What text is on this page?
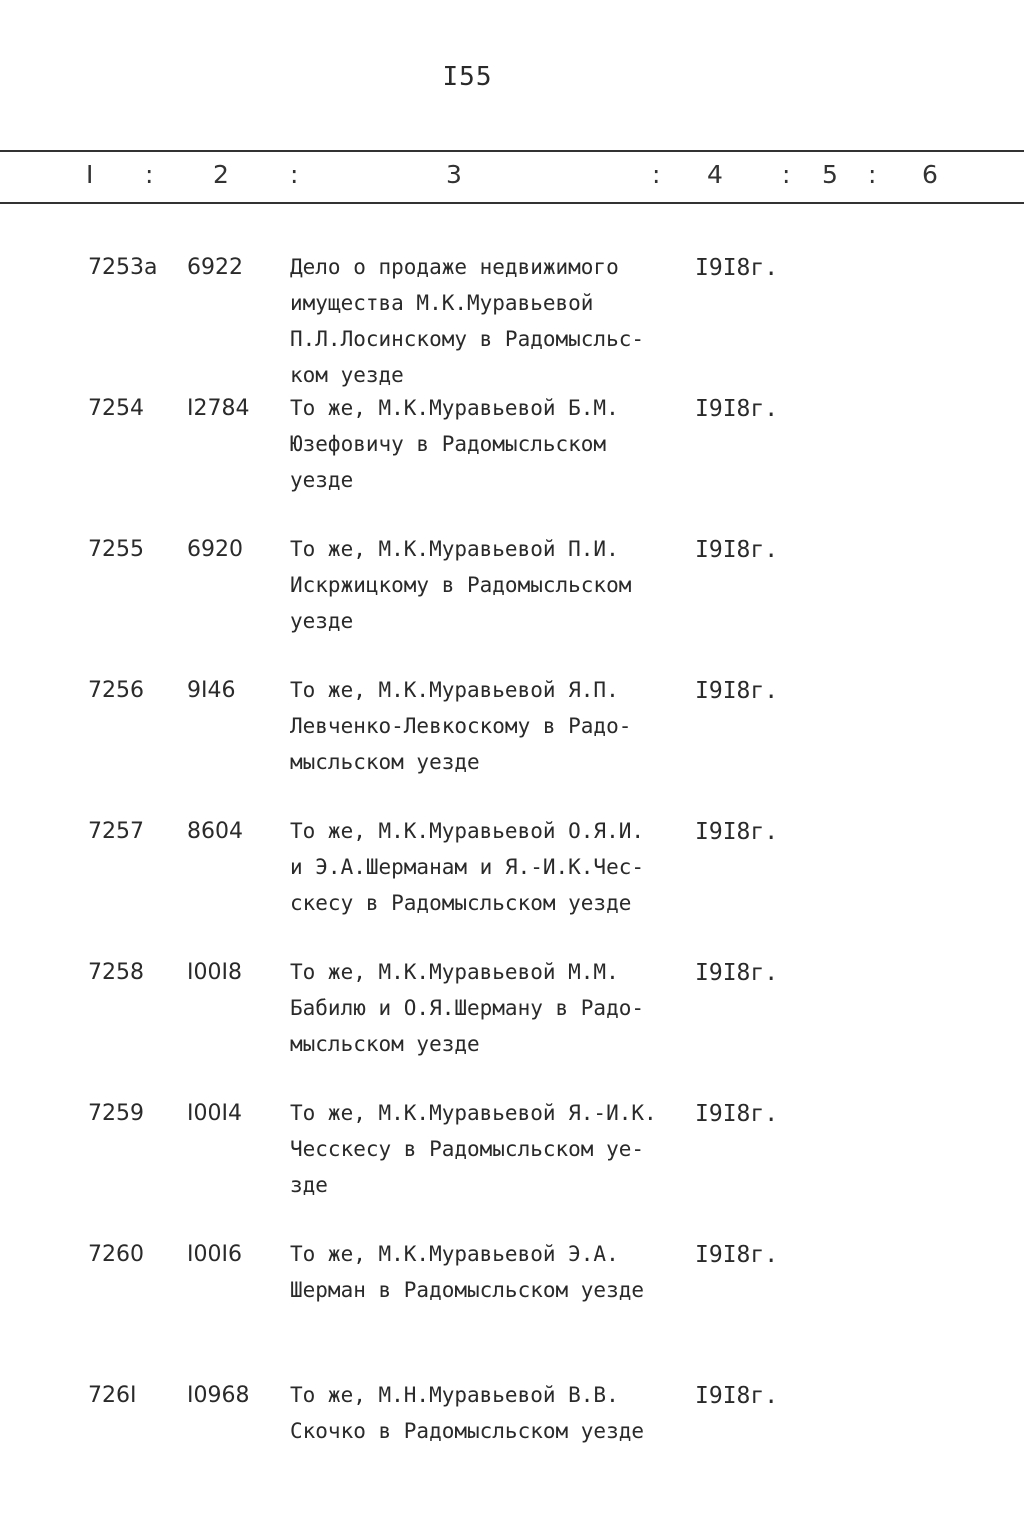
I55
I : 2 :	3	: 4 : 5 : 6
7253а 6922 Дело о продаже недвижимого
имущества М.К.Муравьевой
П.Л.Лосинскому в Радомысльс-
ком уезде
I9I8г.
7254 I2784 То же, М.К.Муравьевой Б.М.
Юзефовичу в Радомысльском
уезде
I9I8г.
7255 6920 То же, М.К.Муравьевой П.И.
Искржицкому в Радомысльском
уезде
I9I8г.
7256 9I46	То же, М.К.Муравьевой Я.П.
Левченко-Левкоскому в Радо-
мысльском уезде
I9I8г.
7257 8604 То же, М.К.Муравьевой О.Я.И.
и Э.А.Шерманам и Я.-И.К.Чес-
скесу в Радомысльском уезде
I9I8г.
7258 I00I8 То же, М.К.Муравьевой М.М.
Бабилю и О.Я.Шерману в Радо-
мысльском уезде
I9I8г.
7259 I00I4 То же, М.К.Муравьевой Я.-И.К.
Чесскесу в Радомысльском уе-
зде
I9I8г.
7260 I00I6 То же, М.К.Муравьевой Э.А.
Шерман в Радомысльском уезде
I9I8г.
726I I0968 То же, М.Н.Муравьевой В.В.
Скочко в Радомысльском уезде
I9I8г.
